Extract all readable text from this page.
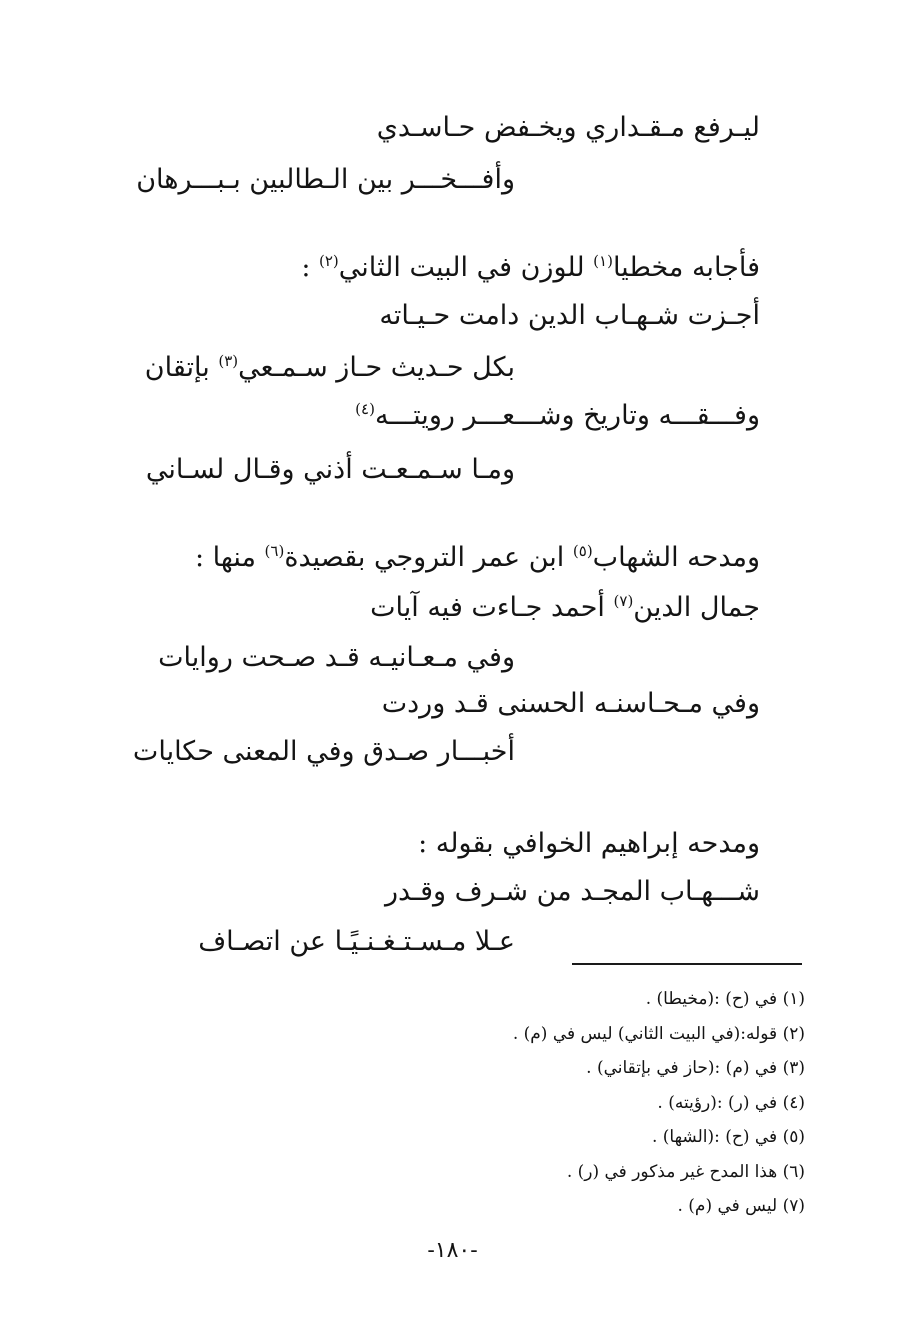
ليـرفع مـقـداري ويخـفض حـاسـدي
وأفـــخـــر بين الـطالبين بـبـــرهان
فأجابه مخطيا$^{(١)}$ للوزن في البيت الثاني$^{(٢)}$ :
أجـزت شـهـاب الدين دامت حـيـاته
بكل حـديث حـاز سـمـعي$^{(٣)}$ بإتقان
وفـــقـــه وتاريخ وشـــعـــر رويتـــه$^{(٤)}$
ومـا سـمـعـت أذني وقـال لسـاني
ومدحه الشهاب$^{(٥)}$ ابن عمر التروجي بقصيدة$^{(٦)}$ منها :
جمال الدين$^{(٧)}$ أحمد جـاءت فيه آيات
وفي مـعـانيـه قـد صـحت روايات
وفي مـحـاسنـه الحسنى قـد وردت
أخبـــار صـدق وفي المعنى حكايات
ومدحه إبراهيم الخوافي بقوله :
شـــهـاب المجـد من شـرف وقـدر
عـلا مـسـتـغـنـيًـا عن اتصـاف
(١) في (ح) :(مخيطا) .
(٢) قوله:(في البيت الثاني) ليس في (م) .
(٣) في (م) :(حاز في بإتقاني) .
(٤) في (ر) :(رؤيته) .
(٥) في (ح) :(الشها) .
(٦) هذا المدح غير مذكور في (ر) .
(٧) ليس في (م) .
-١٨٠-
